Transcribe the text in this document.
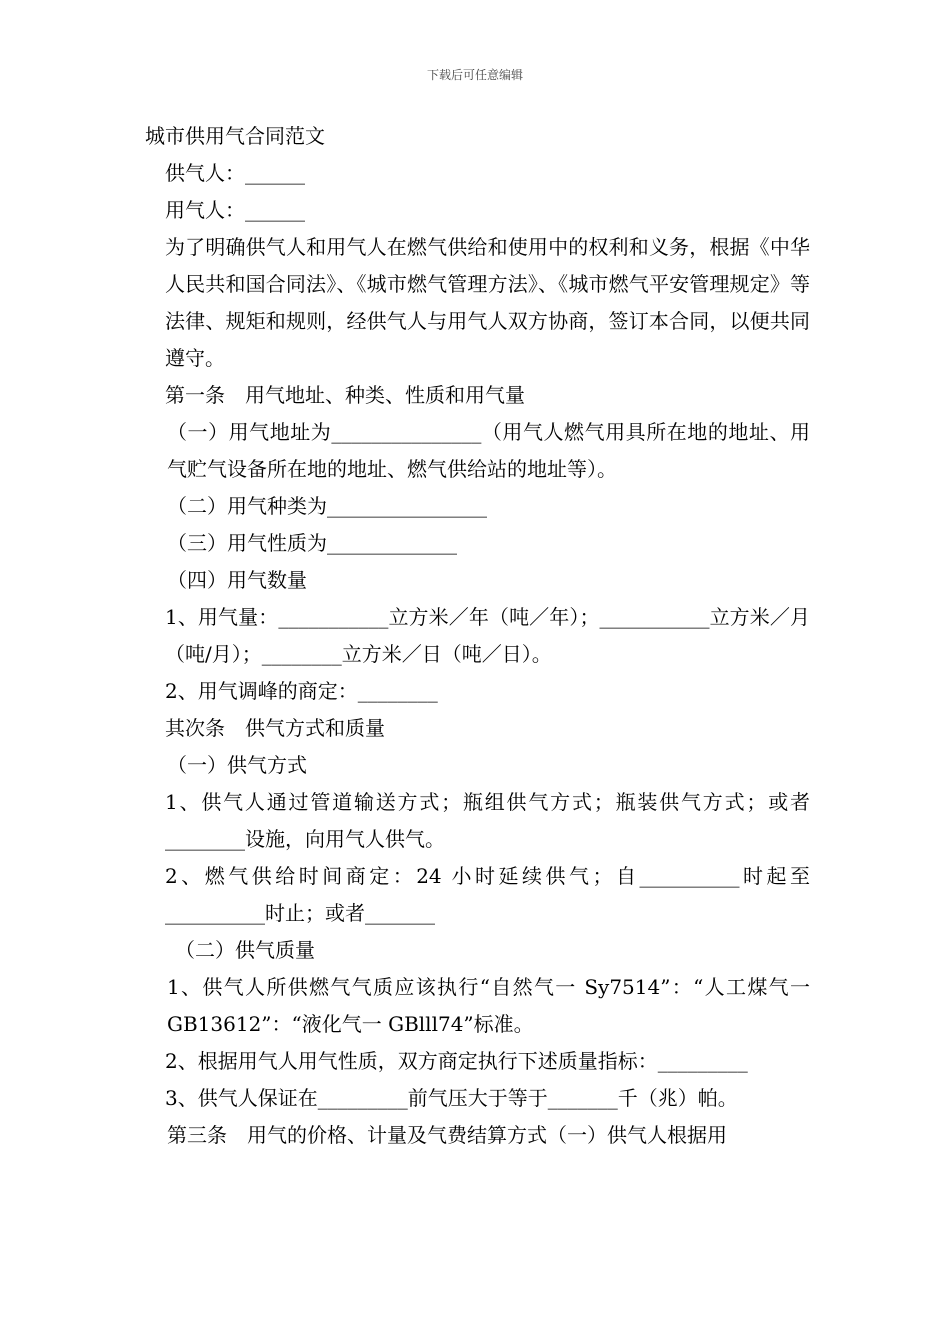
下载后可任意编辑

城市供用气合同范文

供气人：______

用气人：______

为了明确供气人和用气人在燃气供给和使用中的权利和义务，根据《中华人民共和国合同法》、《城市燃气管理方法》、《城市燃气平安管理规定》等法律、规矩和规则，经供气人与用气人双方协商，签订本合同，以便共同遵守。

第一条　用气地址、种类、性质和用气量

（一）用气地址为_______________（用气人燃气用具所在地的地址、用气贮气设备所在地的地址、燃气供给站的地址等）。

（二）用气种类为________________

（三）用气性质为_____________

（四）用气数量

1、用气量：___________立方米／年（吨／年）；___________立方米／月（吨/月）；________立方米／日（吨／日）。

2、用气调峰的商定：________

其次条　供气方式和质量

（一）供气方式

1、供气人通过管道输送方式；瓶组供气方式；瓶装供气方式；或者________设施，向用气人供气。

2、燃气供给时间商定：24 小时延续供气；自__________时起至__________时止；或者_______

（二）供气质量

1、供气人所供燃气气质应该执行“自然气一 Sy7514”：“人工煤气一 GB13612”：“液化气一 GBlll74”标准。

2、根据用气人用气性质，双方商定执行下述质量指标：_________

3、供气人保证在_________前气压大于等于_______千（兆）帕。

第三条　用气的价格、计量及气费结算方式（一）供气人根据用
